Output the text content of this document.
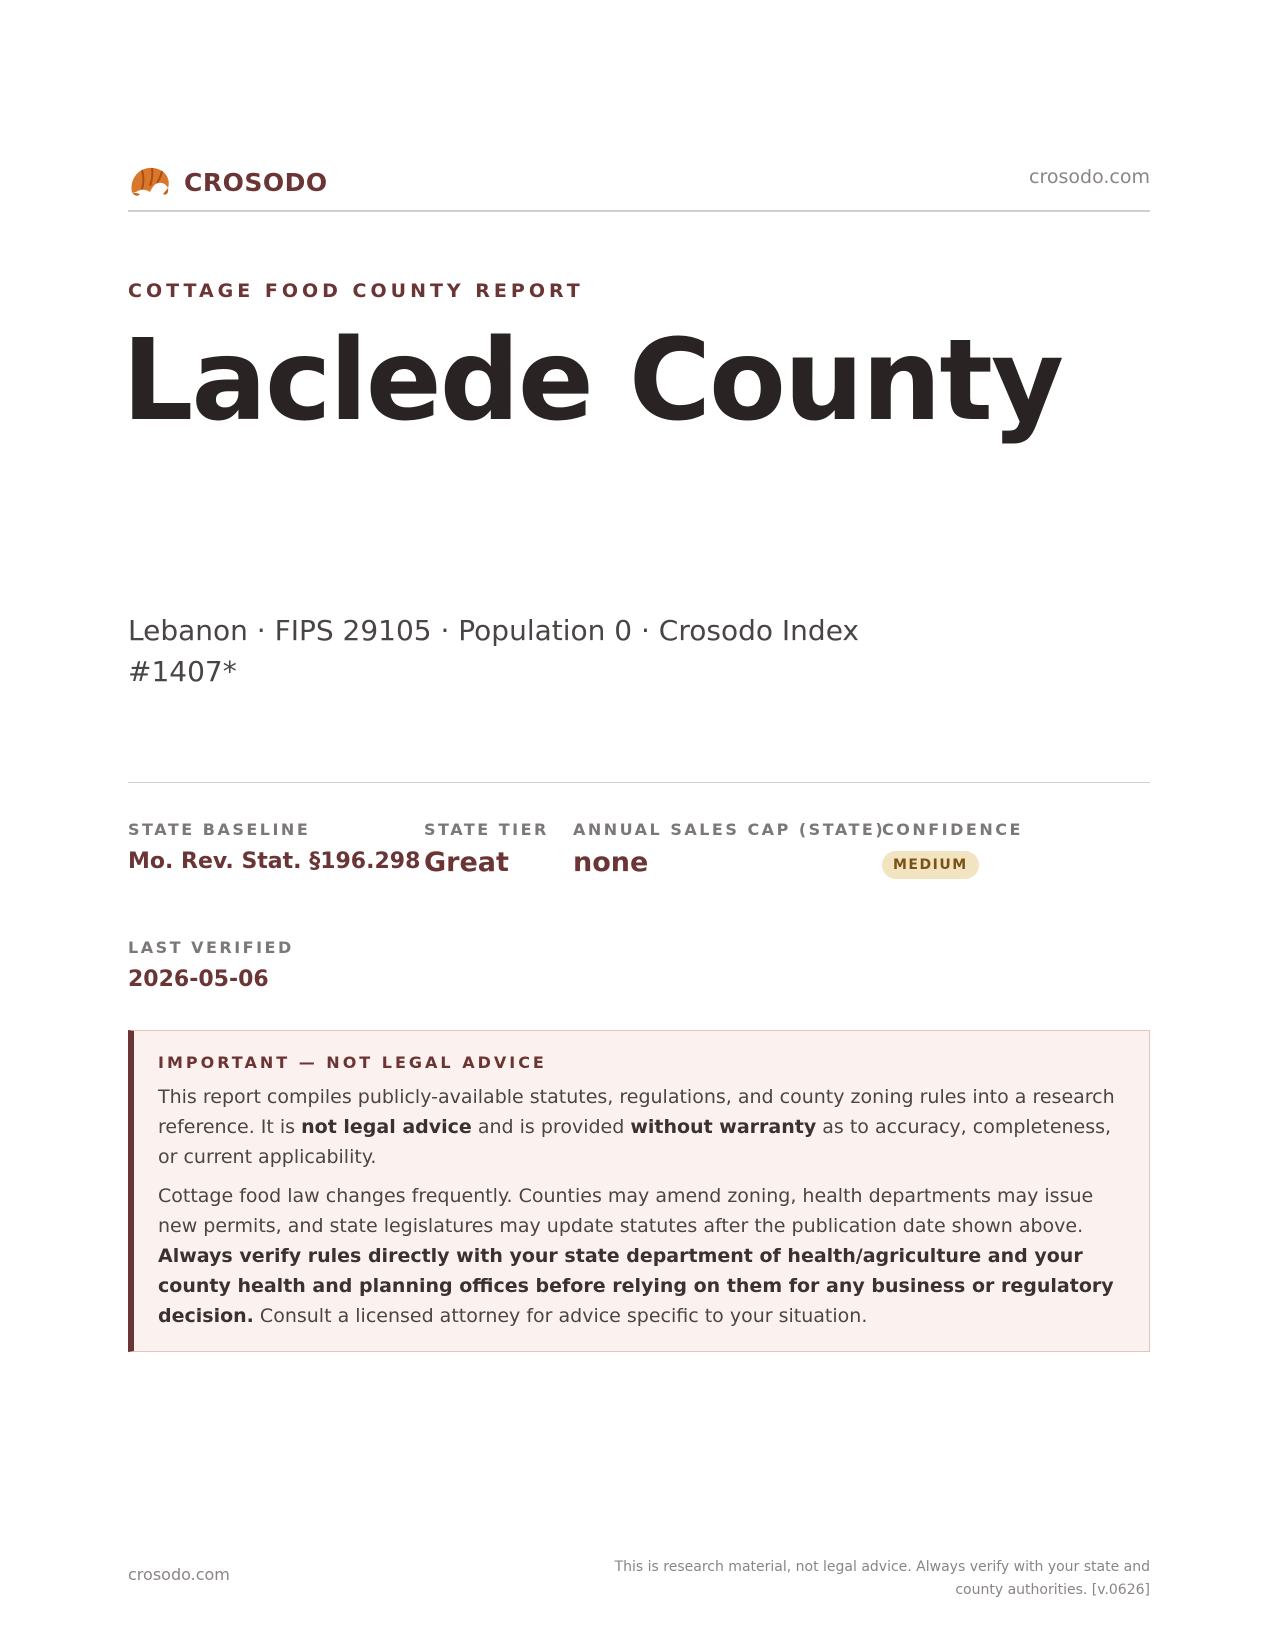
CROSODO	crosodo.com
COTTAGE FOOD COUNTY REPORT
Laclede County
Lebanon · FIPS 29105 · Population 0 · Crosodo Index #1407*
STATE BASELINE
Mo. Rev. Stat. §196.298
STATE TIER
Great
ANNUAL SALES CAP (STATE)
none
CONFIDENCE
MEDIUM
LAST VERIFIED
2026-05-06
IMPORTANT — NOT LEGAL ADVICE

This report compiles publicly-available statutes, regulations, and county zoning rules into a research reference. It is not legal advice and is provided without warranty as to accuracy, completeness, or current applicability.

Cottage food law changes frequently. Counties may amend zoning, health departments may issue new permits, and state legislatures may update statutes after the publication date shown above. Always verify rules directly with your state department of health/agriculture and your county health and planning offices before relying on them for any business or regulatory decision. Consult a licensed attorney for advice specific to your situation.

crosodo.com	This is research material, not legal advice. Always verify with your state and county authorities. [v.0626]
